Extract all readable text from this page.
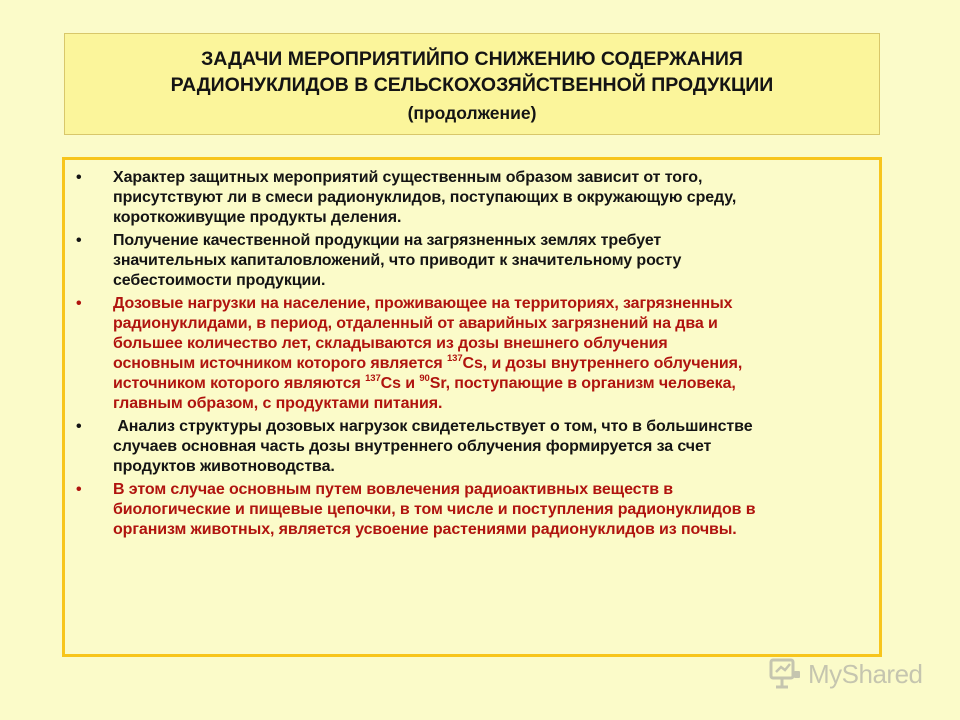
ЗАДАЧИ МЕРОПРИЯТИЙПО СНИЖЕНИЮ СОДЕРЖАНИЯ

РАДИОНУКЛИДОВ В СЕЛЬСКОХОЗЯЙСТВЕННОЙ ПРОДУКЦИИ

(продолжение)

• Характер защитных мероприятий существенным образом зависит от того,
присутствуют ли в смеси радионуклидов, поступающих в окружающую среду,
короткоживущие продукты деления.
• Получение качественной продукции на загрязненных землях требует
значительных капиталовложений, что приводит к значительному росту
себестоимости продукции.
• Дозовые нагрузки на население, проживающее на территориях, загрязненных
радионуклидами, в период, отдаленный от аварийных загрязнений на два и
большее количество лет, складываются из дозы внешнего облучения
основным источником которого является $^{137}$Cs, и дозы внутреннего облучения,
источником которого являются $^{137}$Cs и $^{90}$Sr, поступающие в организм человека,
главным образом, с продуктами питания.
• Анализ структуры дозовых нагрузок свидетельствует о том, что в большинстве
случаев основная часть дозы внутреннего облучения формируется за счет
продуктов животноводства.
• В этом случае основным путем вовлечения радиоактивных веществ в
биологические и пищевые цепочки, в том числе и поступления радионуклидов в
организм животных, является усвоение растениями радионуклидов из почвы.
MyShared
